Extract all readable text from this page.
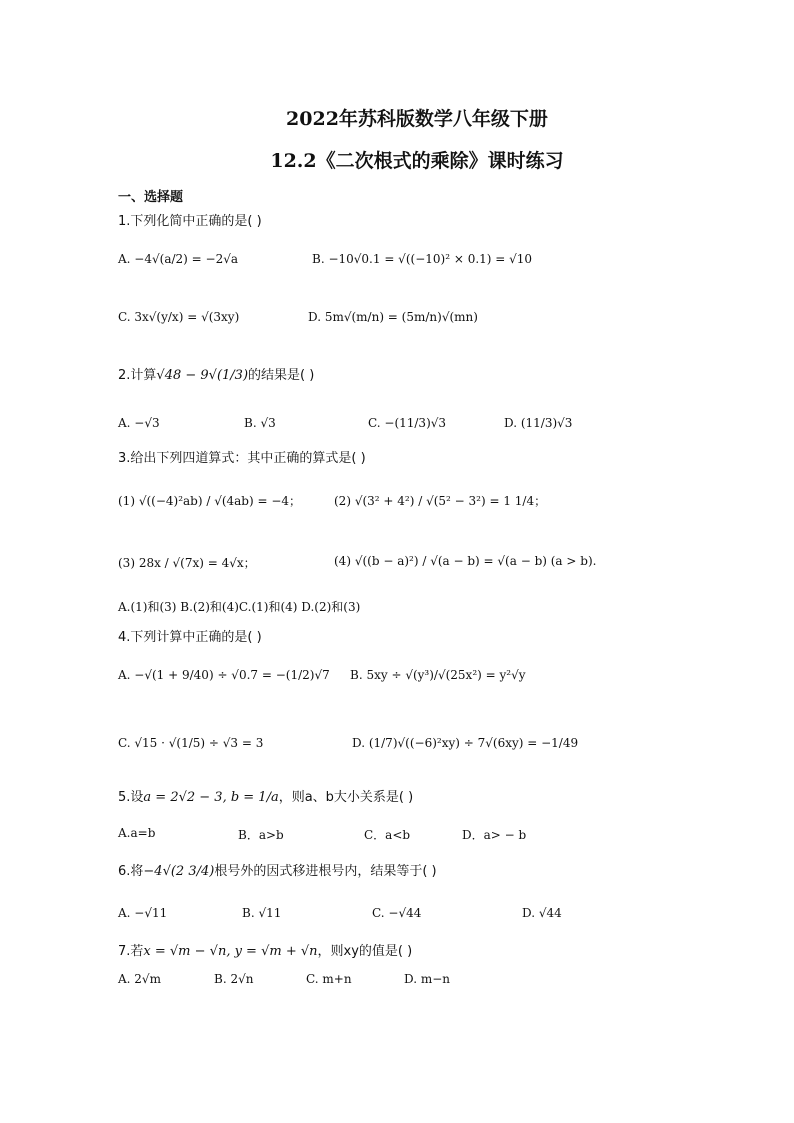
2022年苏科版数学八年级下册
12.2《二次根式的乘除》课时练习
一、选择题
1.下列化简中正确的是( )
A. −4√(a/2) = −2√a	B. −10√0.1 = √((−10)² × 0.1) = √10
C. 3x√(y/x) = √(3xy)	D. 5m√(m/n) = (5m/n)√(mn)
2.计算√48 − 9√(1/3)的结果是( )
A. −√3	B. √3	C. −(11/3)√3	D. (11/3)√3
3.给出下列四道算式：其中正确的算式是( )
(1) √((−4)²ab) / √(4ab) = −4；	(2) √(3² + 4²) / √(5² − 3²) = 1 1/4；
(3) 28x / √(7x) = 4√x；	(4) √((b − a)²) / √(a − b) = √(a − b) (a > b).
A.(1)和(3) B.(2)和(4)C.(1)和(4) D.(2)和(3)
4.下列计算中正确的是( )
A. −√(1 + 9/40) ÷ √0.7 = −(1/2)√7 B. 5xy ÷ √(y³)/√(25x²) = y²√y
C. √15 · √(1/5) ÷ √3 = 3	D. (1/7)√((−6)²xy) ÷ 7√(6xy) = −1/49
5.设a = 2√2 − 3, b = 1/a，则a、b大小关系是( )
A.a=b	B．a>b	C．a<b	D．a> − b
6.将−4√(2 3/4)根号外的因式移进根号内，结果等于( )
A. −√11	B. √11	C. −√44	D. √44
7.若x = √m − √n, y = √m + √n，则xy的值是( )
A. 2√m	B. 2√n	C. m+n	D. m−n
